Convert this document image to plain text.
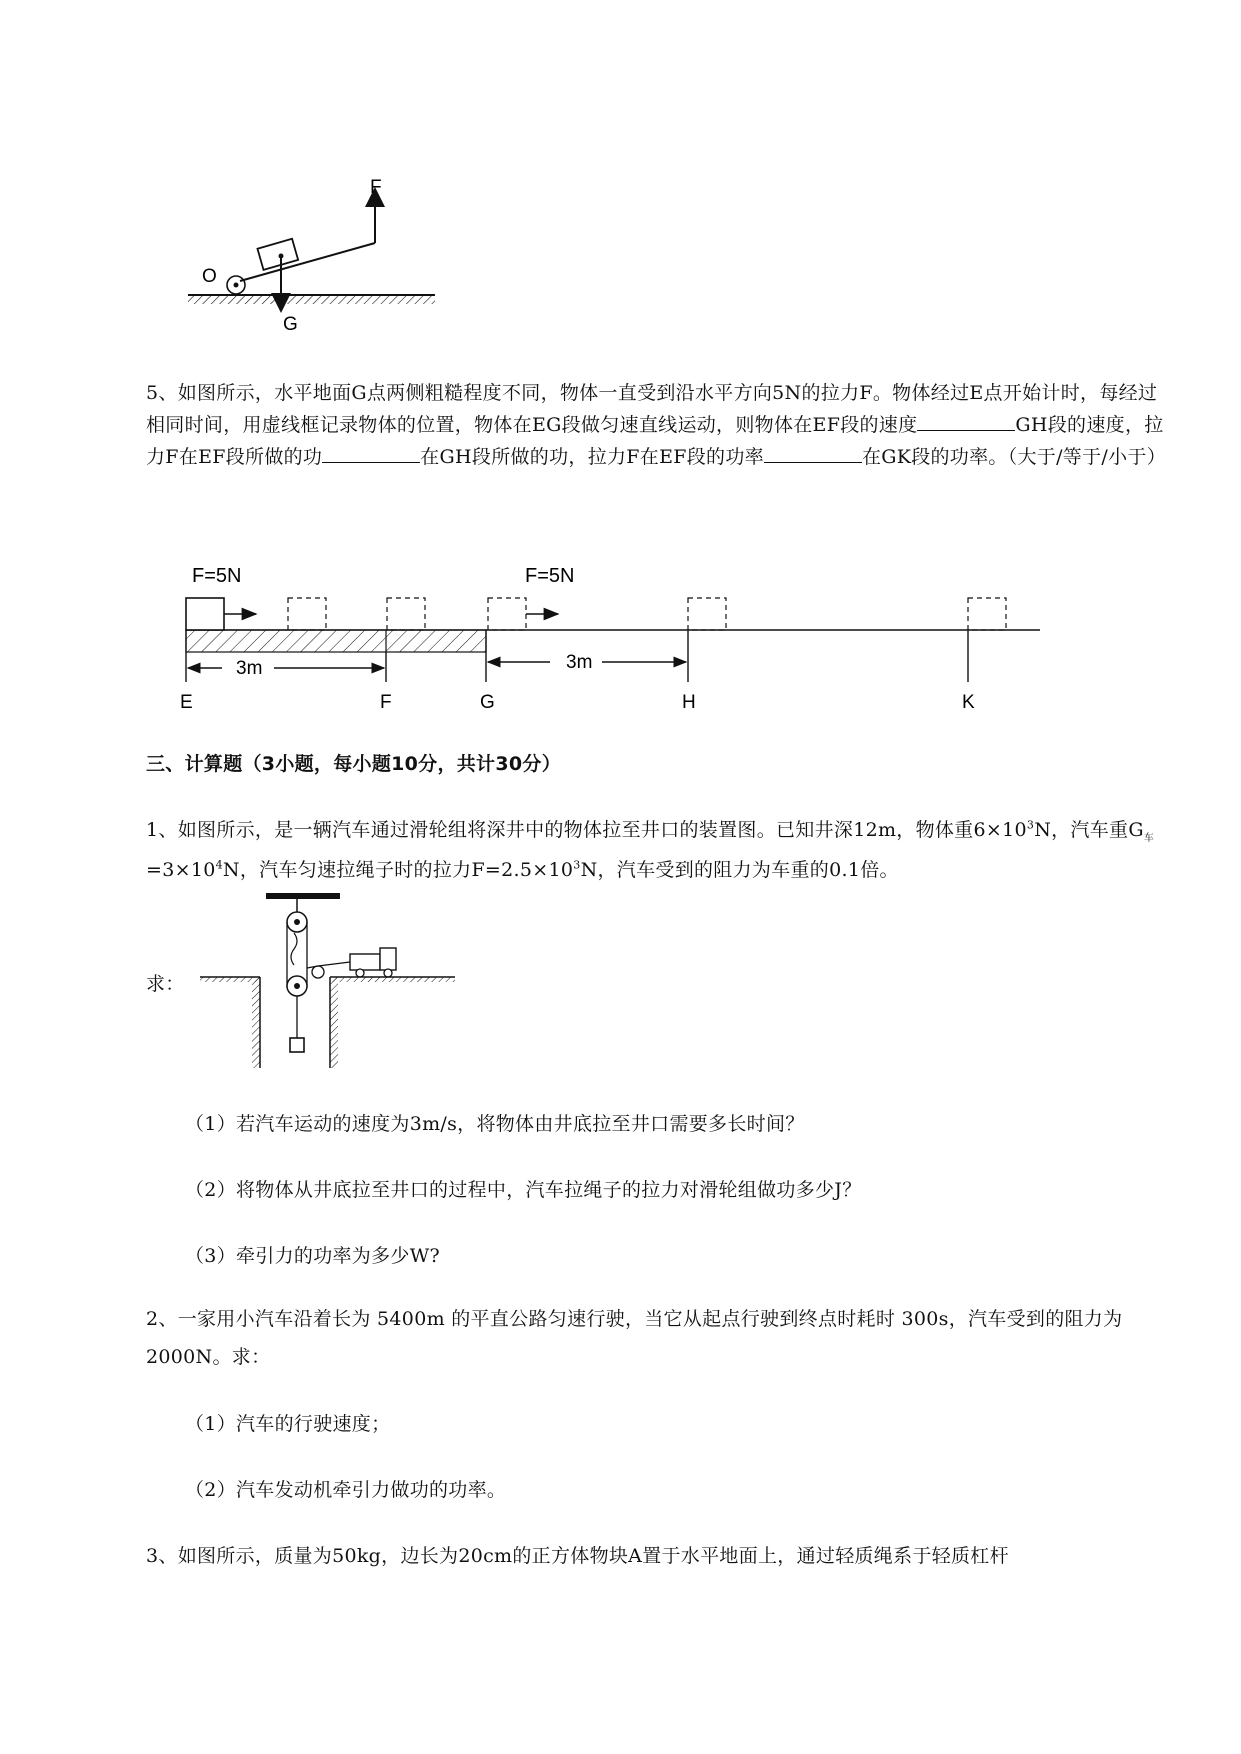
F
O
G
5、如图所示，水平地面G点两侧粗糙程度不同，物体一直受到沿水平方向5N的拉力F。物体经过E点开始计时，每经过相同时间，用虚线框记录物体的位置，物体在EG段做匀速直线运动，则物体在EF段的速度	GH段的速度，拉力F在EF段所做的功	在GH段所做的功，拉力F在EF段的功率	在GK段的功率。（大于/等于/小于）
F=5N	F=5N
3m	3m
E	F	G	H	K
三、计算题（3小题，每小题10分，共计30分）
1、如图所示，是一辆汽车通过滑轮组将深井中的物体拉至井口的装置图。已知井深12m，物体重$6\times 10^3N$，汽车重$G_车=3\times 10^4N$，汽车匀速拉绳子时的拉力$F=2.5\times 10^3N$，汽车受到的阻力为车重的0.1倍。
求：
（1）若汽车运动的速度为3m/s，将物体由井底拉至井口需要多长时间？
（2）将物体从井底拉至井口的过程中，汽车拉绳子的拉力对滑轮组做功多少J？
（3）牵引力的功率为多少W?
2、一家用小汽车沿着长为 5400m 的平直公路匀速行驶，当它从起点行驶到终点时耗时 300s，汽车受到的阻力为2000N。求：
（1）汽车的行驶速度；
（2）汽车发动机牵引力做功的功率。
3、如图所示，质量为50kg，边长为20cm的正方体物块A置于水平地面上，通过轻质绳系于轻质杠杆
